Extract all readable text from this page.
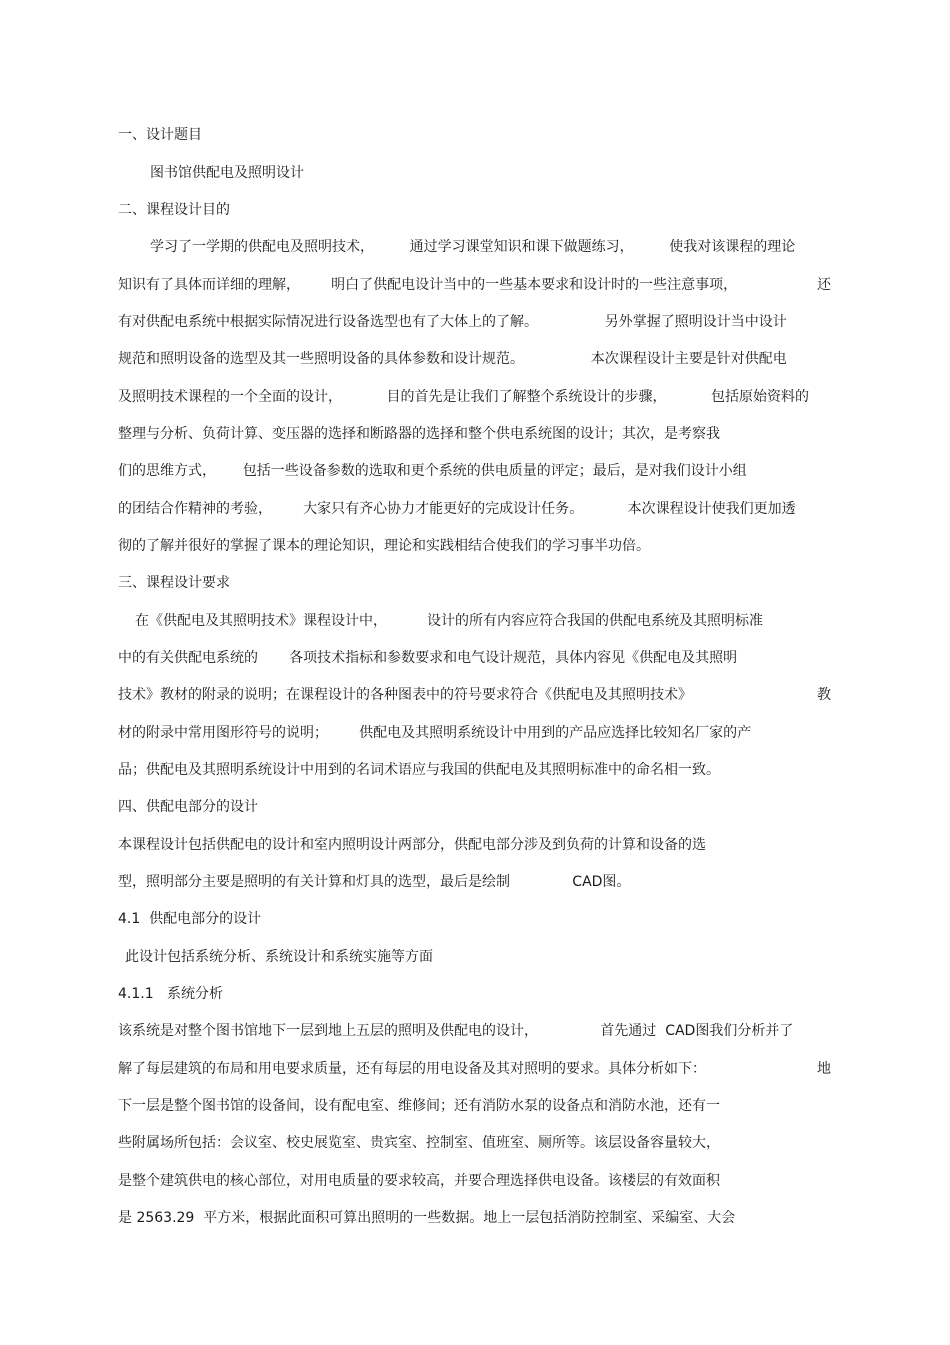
一、设计题目
图书馆供配电及照明设计
二、课程设计目的
学习了一学期的供配电及照明技术，        通过学习课堂知识和课下做题练习，        使我对该课程的理论
知识有了具体而详细的理解，       明白了供配电设计当中的一些基本要求和设计时的一些注意事项，	还
有对供配电系统中根据实际情况进行设备选型也有了大体上的了解。               另外掌握了照明设计当中设计
规范和照明设备的选型及其一些照明设备的具体参数和设计规范。               本次课程设计主要是针对供配电
及照明技术课程的一个全面的设计，          目的首先是让我们了解整个系统设计的步骤，          包括原始资料的
整理与分析、负荷计算、变压器的选择和断路器的选择和整个供电系统图的设计；其次，是考察我
们的思维方式，      包括一些设备参数的选取和更个系统的供电质量的评定；最后，是对我们设计小组
的团结合作精神的考验，       大家只有齐心协力才能更好的完成设计任务。          本次课程设计使我们更加透
彻的了解并很好的掌握了课本的理论知识，理论和实践相结合使我们的学习事半功倍。
三、课程设计要求
在《供配电及其照明技术》课程设计中，         设计的所有内容应符合我国的供配电系统及其照明标准
中的有关供配电系统的       各项技术指标和参数要求和电气设计规范，具体内容见《供配电及其照明
技术》教材的附录的说明；在课程设计的各种图表中的符号要求符合《供配电及其照明技术》	教
材的附录中常用图形符号的说明；       供配电及其照明系统设计中用到的产品应选择比较知名厂家的产
品；供配电及其照明系统设计中用到的名词术语应与我国的供配电及其照明标准中的命名相一致。
四、供配电部分的设计
本课程设计包括供配电的设计和室内照明设计两部分，供配电部分涉及到负荷的计算和设备的选
型，照明部分主要是照明的有关计算和灯具的选型，最后是绘制              CAD图。
4.1  供配电部分的设计
此设计包括系统分析、系统设计和系统实施等方面
4.1.1   系统分析
该系统是对整个图书馆地下一层到地上五层的照明及供配电的设计，              首先通过  CAD图我们分析并了
解了每层建筑的布局和用电要求质量，还有每层的用电设备及其对照明的要求。具体分析如下：	地
下一层是整个图书馆的设备间，设有配电室、维修间；还有消防水泵的设备点和消防水池，还有一
些附属场所包括：会议室、校史展览室、贵宾室、控制室、值班室、厕所等。该层设备容量较大，
是整个建筑供电的核心部位，对用电质量的要求较高，并要合理选择供电设备。该楼层的有效面积
是 2563.29  平方米，根据此面积可算出照明的一些数据。地上一层包括消防控制室、采编室、大会
